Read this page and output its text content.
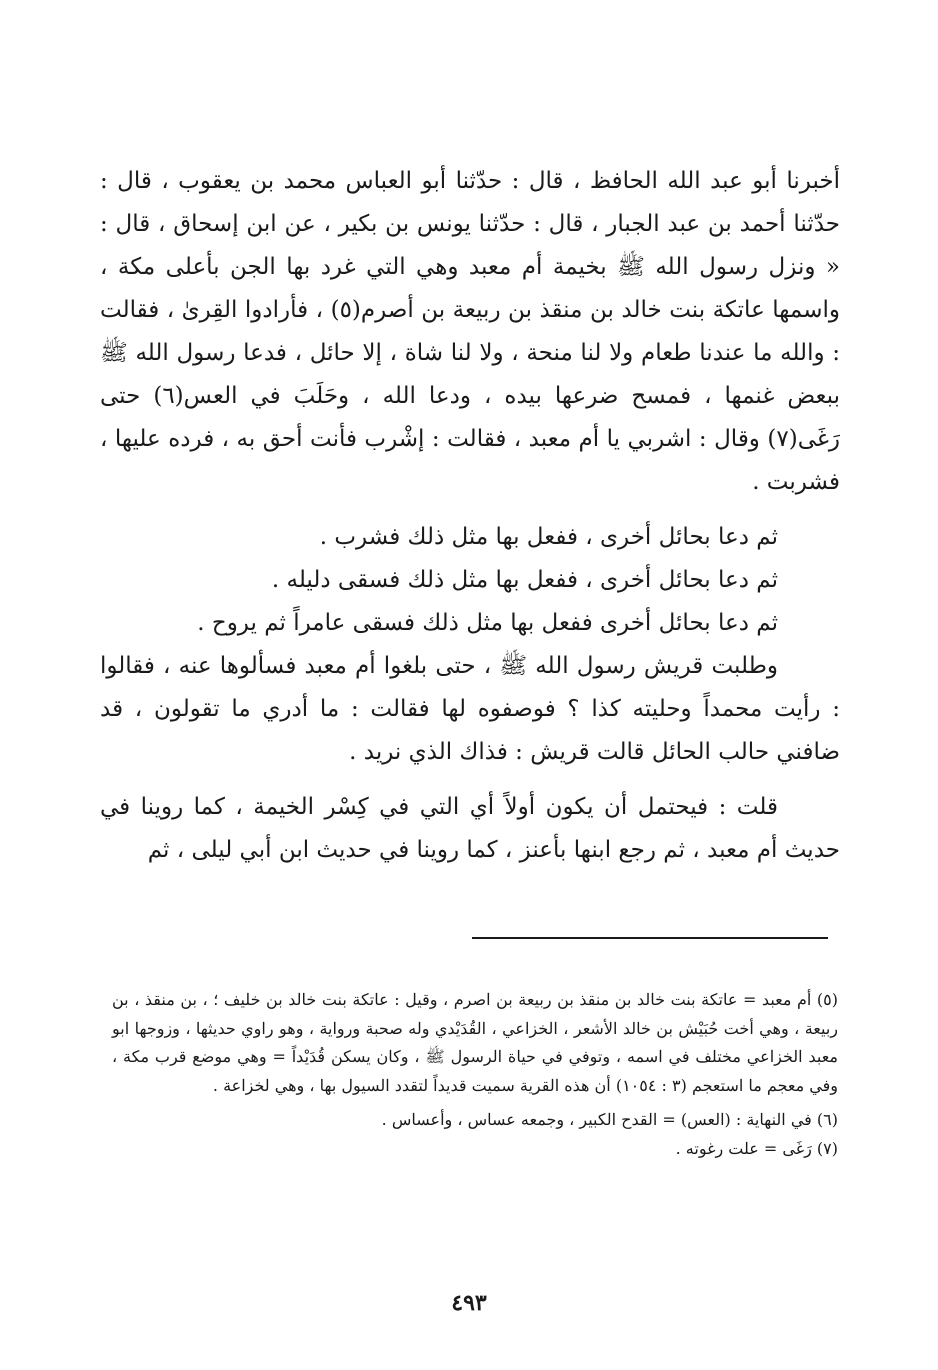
أخبرنا أبو عبد الله الحافظ ، قال : حدّثنا أبو العباس محمد بن يعقوب ، قال : حدّثنا أحمد بن عبد الجبار ، قال : حدّثنا يونس بن بكير ، عن ابن إسحاق ، قال : « ونزل رسول الله ﷺ بخيمة أم معبد وهي التي غرد بها الجن بأعلى مكة ، واسمها عاتكة بنت خالد بن منقذ بن ربيعة بن أصرم(٥) ، فأرادوا القِرىٰ ، فقالت : والله ما عندنا طعام ولا لنا منحة ، ولا لنا شاة ، إلا حائل ، فدعا رسول الله ﷺ ببعض غنمها ، فمسح ضرعها بيده ، ودعا الله ، وحَلَبَ في العس(٦) حتى رَغَى(٧) وقال : اشربي يا أم معبد ، فقالت : إشْرب فأنت أحق به ، فرده عليها ، فشربت .

ثم دعا بحائل أخرى ، ففعل بها مثل ذلك فشرب .

ثم دعا بحائل أخرى ، ففعل بها مثل ذلك فسقى دليله .

ثم دعا بحائل أخرى ففعل بها مثل ذلك فسقى عامراً ثم يروح .

وطلبت قريش رسول الله ﷺ ، حتى بلغوا أم معبد فسألوها عنه ، فقالوا : رأيت محمداً وحليته كذا ؟ فوصفوه لها فقالت : ما أدري ما تقولون ، قد ضافني حالب الحائل قالت قريش : فذاك الذي نريد .

قلت : فيحتمل أن يكون أولاً أي التي في كِسْر الخيمة ، كما روينا في حديث أم معبد ، ثم رجع ابنها بأعنز ، كما روينا في حديث ابن أبي ليلى ، ثم

(٥) أم معبد = عاتكة بنت خالد بن منقذ بن ربيعة بن اصرم ، وقيل : عاتكة بنت خالد بن خليف ؛ ، بن منقذ ، بن ربيعة ، وهي أخت حُبَيْش بن خالد الأشعر ، الخزاعي ، القُدَيْدي وله صحبة ورواية ، وهو راوي حديثها ، وزوجها ابو معبد الخزاعي مختلف في اسمه ، وتوفي في حياة الرسول ﷺ ، وكان يسكن قُدَيْداً = وهي موضع قرب مكة ، وفي معجم ما استعجم (٣ : ١٠٥٤) أن هذه القرية سميت قديداً لتقدد السيول بها ، وهي لخزاعة .

(٦) في النهاية : (العس) = القدح الكبير ، وجمعه عساس ، وأعساس .

(٧) رَغَى = علت رغوته .

٤٩٣
